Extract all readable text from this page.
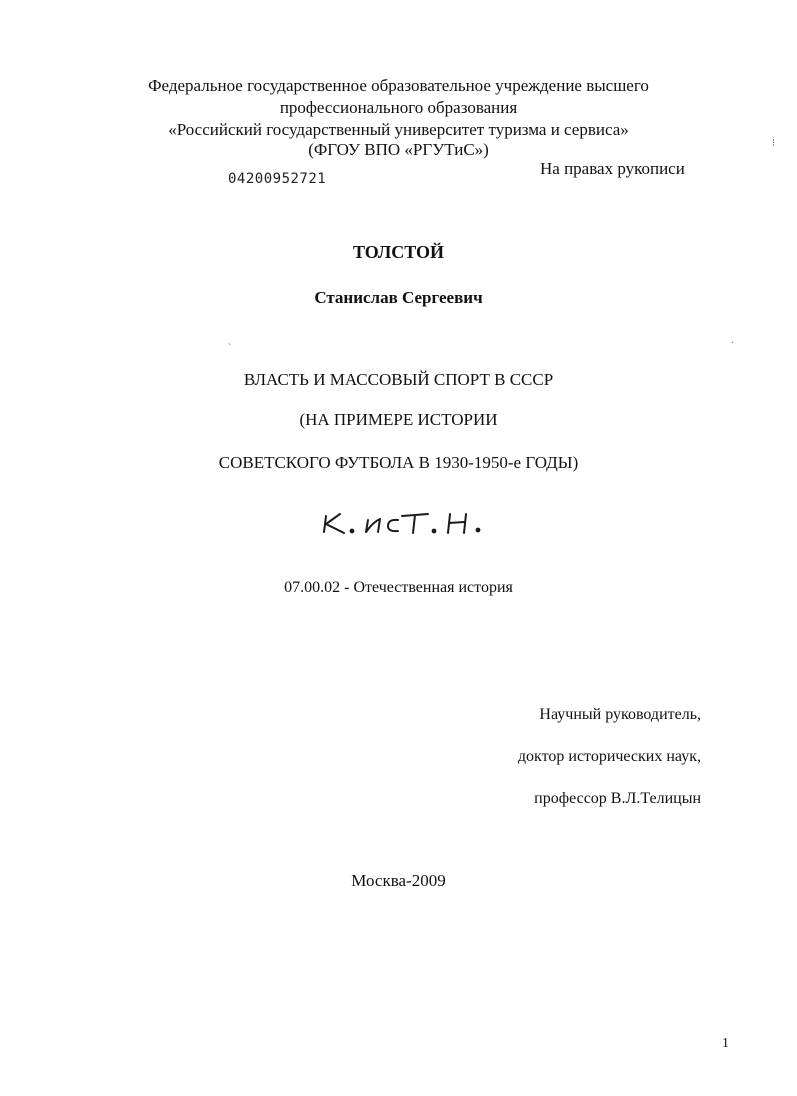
Федеральное государственное образовательное учреждение высшего
профессионального образования
«Российский государственный университет туризма и сервиса»
(ФГОУ ВПО «РГУТиС»)
04200952721
На правах рукописи
⁝
ˋ	·
ТОЛСТОЙ
Станислав Сергеевич
ВЛАСТЬ И МАССОВЫЙ СПОРТ В СССР
(НА ПРИМЕРЕ ИСТОРИИ
СОВЕТСКОГО ФУТБОЛА В 1930-1950-е ГОДЫ)
07.00.02 - Отечественная история
Научный руководитель,
доктор исторических наук,
профессор В.Л.Телицын
Москва-2009
1
